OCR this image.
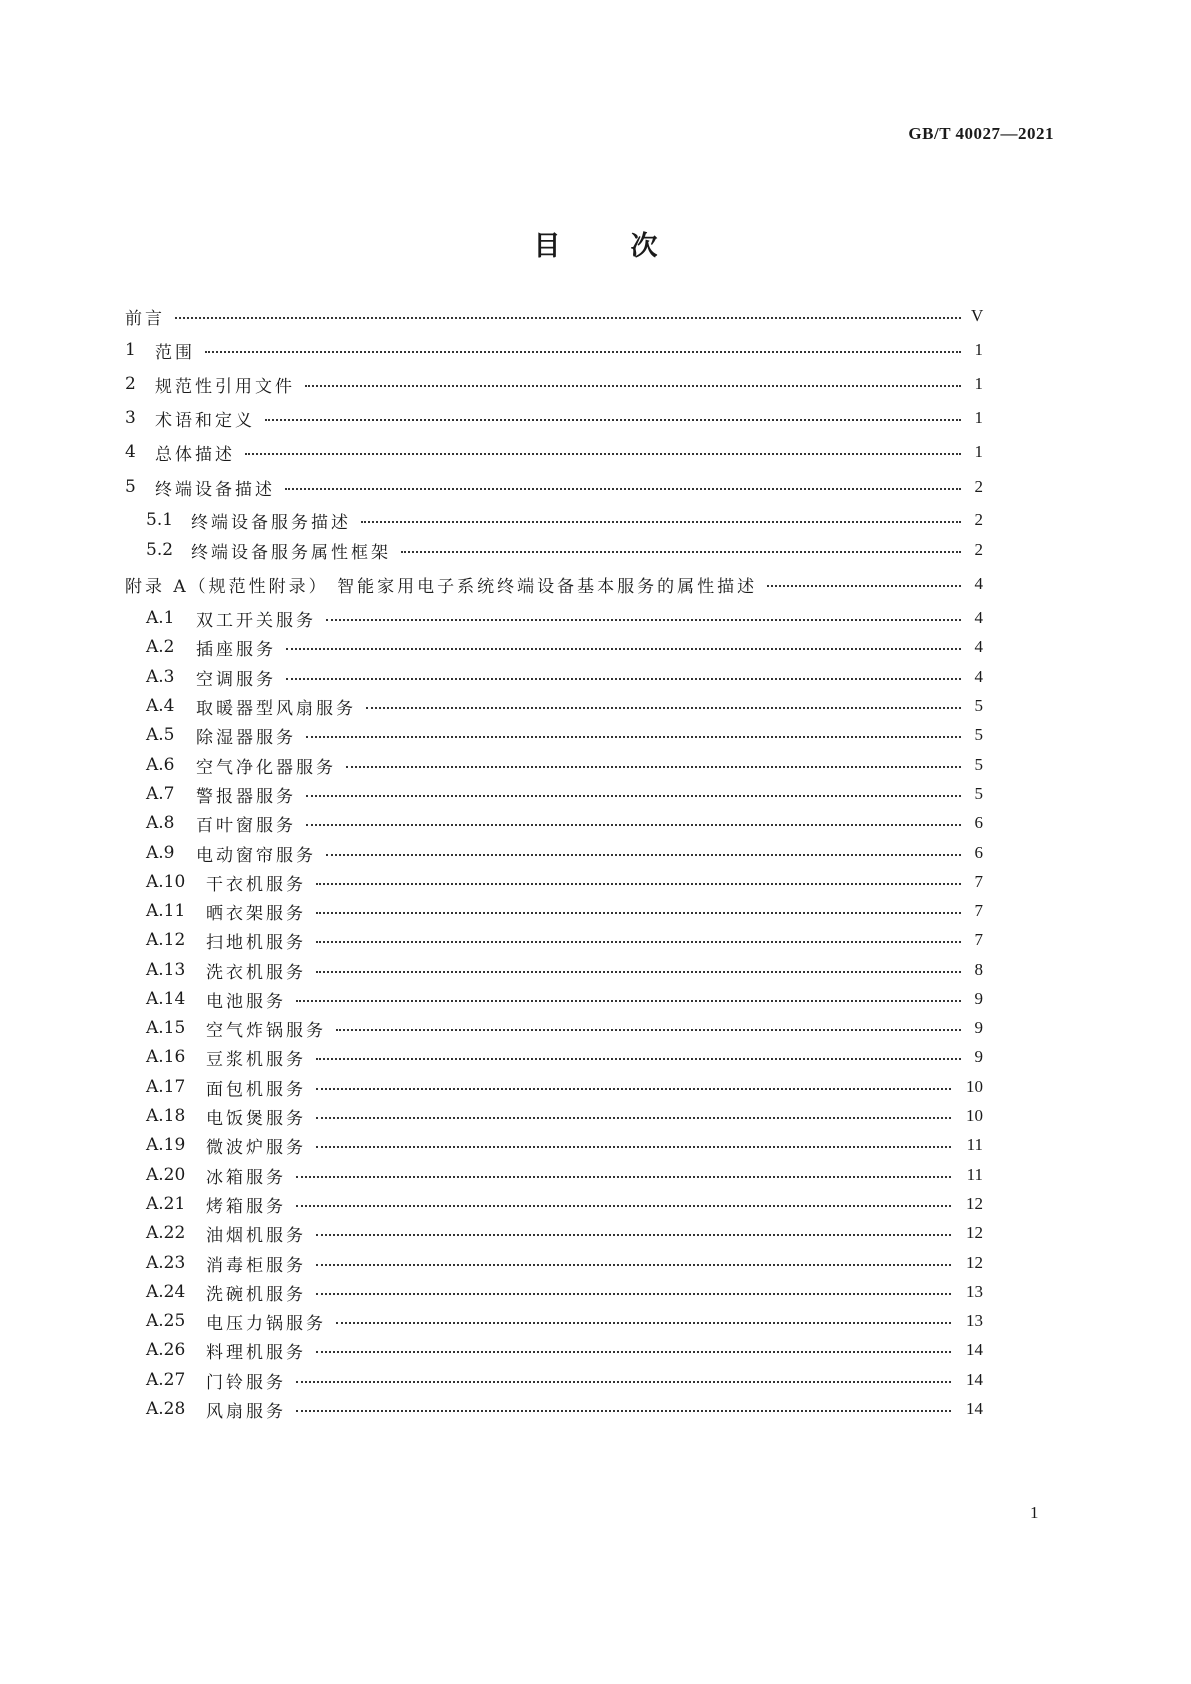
GB/T 40027—2021
目次
前言	V
1	范围	1
2	规范性引用文件	1
3	术语和定义	1
4	总体描述	1
5	终端设备描述	2
5.1	终端设备服务描述	2
5.2	终端设备服务属性框架	2
附录 A（规范性附录） 智能家用电子系统终端设备基本服务的属性描述	4
A.1	双工开关服务	4
A.2	插座服务	4
A.3	空调服务	4
A.4	取暖器型风扇服务	5
A.5	除湿器服务	5
A.6	空气净化器服务	5
A.7	警报器服务	5
A.8	百叶窗服务	6
A.9	电动窗帘服务	6
A.10	干衣机服务	7
A.11	晒衣架服务	7
A.12	扫地机服务	7
A.13	洗衣机服务	8
A.14	电池服务	9
A.15	空气炸锅服务	9
A.16	豆浆机服务	9
A.17	面包机服务	10
A.18	电饭煲服务	10
A.19	微波炉服务	11
A.20	冰箱服务	11
A.21	烤箱服务	12
A.22	油烟机服务	12
A.23	消毒柜服务	12
A.24	洗碗机服务	13
A.25	电压力锅服务	13
A.26	料理机服务	14
A.27	门铃服务	14
A.28	风扇服务	14
1
